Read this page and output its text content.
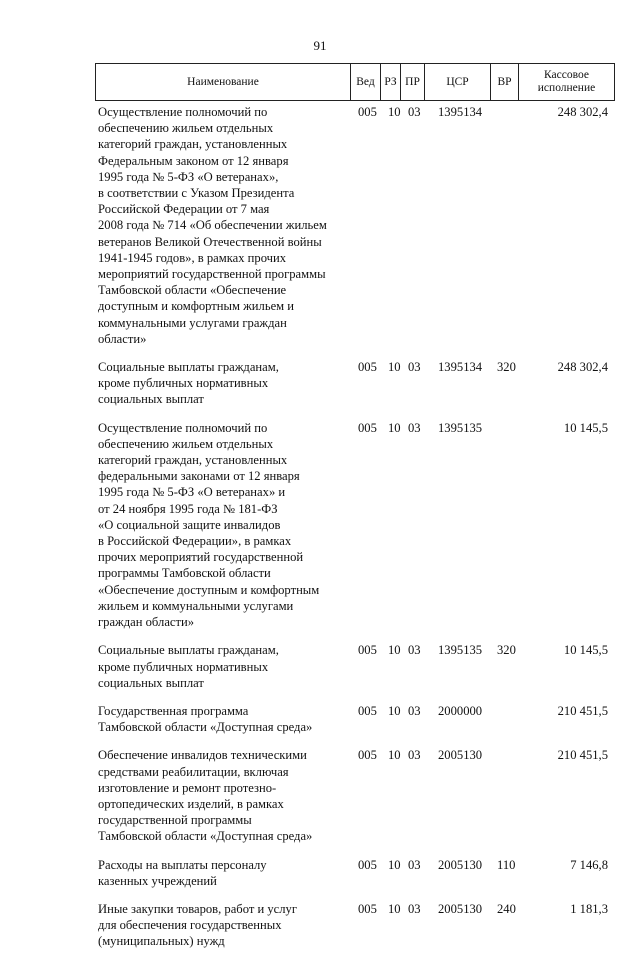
91
Наименование	Вед РЗ ПР	ЦСР	ВР
Кассовое
исполнение
Осуществление полномочий по
обеспечению жильем отдельных
категорий граждан, установленных
Федеральным законом от 12 января
1995 года № 5-ФЗ «О ветеранах»,
в соответствии с Указом Президента
Российской Федерации от 7 мая
2008 года № 714 «Об обеспечении жильем
ветеранов Великой Отечественной войны
1941-1945 годов», в рамках прочих
мероприятий государственной программы
Тамбовской области «Обеспечение
доступным и комфортным жильем и
коммунальными услугами граждан
области»
005 10 03 1395134	248 302,4
Социальные выплаты гражданам,
кроме публичных нормативных
социальных выплат
005 10 03 1395134 320	248 302,4
Осуществление полномочий по
обеспечению жильем отдельных
категорий граждан, установленных
федеральными законами от 12 января
1995 года № 5-ФЗ «О ветеранах» и
от 24 ноября 1995 года № 181-ФЗ
«О социальной защите инвалидов
в Российской Федерации», в рамках
прочих мероприятий государственной
программы Тамбовской области
«Обеспечение доступным и комфортным
жильем и коммунальными услугами
граждан области»
005 10 03 1395135	10 145,5
Социальные выплаты гражданам,
кроме публичных нормативных
социальных выплат
005 10 03 1395135 320	10 145,5
Государственная программа
Тамбовской области «Доступная среда»
005 10 03 2000000	210 451,5
Обеспечение инвалидов техническими
средствами реабилитации, включая
изготовление и ремонт протезно-
ортопедических изделий, в рамках
государственной программы
Тамбовской области «Доступная среда»
005 10 03 2005130	210 451,5
Расходы на выплаты персоналу
казенных учреждений
005 10 03 2005130 110	7 146,8
Иные закупки товаров, работ и услуг
для обеспечения государственных
(муниципальных) нужд
005 10 03 2005130 240	1 181,3
